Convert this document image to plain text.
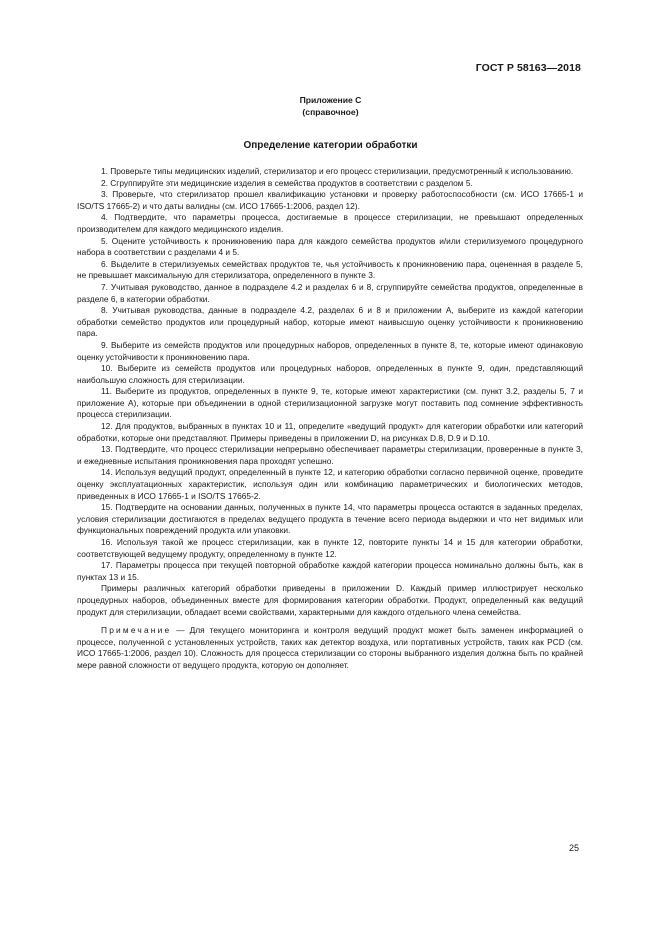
ГОСТ Р 58163—2018
Приложение C
(справочное)
Определение категории обработки

1. Проверьте типы медицинских изделий, стерилизатор и его процесс стерилизации, предусмотренный к использованию.

2. Сгруппируйте эти медицинские изделия в семейства продуктов в соответствии с разделом 5.

3. Проверьте, что стерилизатор прошел квалификацию установки и проверку работоспособности (см. ИСО 17665-1 и ISO/TS 17665-2) и что даты валидны (см. ИСО 17665-1:2006, раздел 12).

4. Подтвердите, что параметры процесса, достигаемые в процессе стерилизации, не превышают определенных производителем для каждого медицинского изделия.

5. Оцените устойчивость к проникновению пара для каждого семейства продуктов и/или стерилизуемого процедурного набора в соответствии с разделами 4 и 5.

6. Выделите в стерилизуемых семействах продуктов те, чья устойчивость к проникновению пара, оцененная в разделе 5, не превышает максимальную для стерилизатора, определенного в пункте 3.

7. Учитывая руководство, данное в подразделе 4.2 и разделах 6 и 8, сгруппируйте семейства продуктов, определенные в разделе 6, в категории обработки.

8. Учитывая руководства, данные в подразделе 4.2, разделах 6 и 8 и приложении А, выберите из каждой категории обработки семейство продуктов или процедурный набор, которые имеют наивысшую оценку устойчивости к проникновению пара.

9. Выберите из семейств продуктов или процедурных наборов, определенных в пункте 8, те, которые имеют одинаковую оценку устойчивости к проникновению пара.

10. Выберите из семейств продуктов или процедурных наборов, определенных в пункте 9, один, представляющий наибольшую сложность для стерилизации.

11. Выберите из продуктов, определенных в пункте 9, те, которые имеют характеристики (см. пункт 3.2, разделы 5, 7 и приложение А), которые при объединении в одной стерилизационной загрузке могут поставить под сомнение эффективность процесса стерилизации.

12. Для продуктов, выбранных в пунктах 10 и 11, определите «ведущий продукт» для категории обработки или категорий обработки, которые они представляют. Примеры приведены в приложении D, на рисунках D.8, D.9 и D.10.

13. Подтвердите, что процесс стерилизации непрерывно обеспечивает параметры стерилизации, проверенные в пункте 3, и ежедневные испытания проникновения пара проходят успешно.

14. Используя ведущий продукт, определенный в пункте 12, и категорию обработки согласно первичной оценке, проведите оценку эксплуатационных характеристик, используя один или комбинацию параметрических и биологических методов, приведенных в ИСО 17665-1 и ISO/TS 17665-2.

15. Подтвердите на основании данных, полученных в пункте 14, что параметры процесса остаются в заданных пределах, условия стерилизации достигаются в пределах ведущего продукта в течение всего периода выдержки и что нет видимых или функциональных повреждений продукта или упаковки.

16. Используя такой же процесс стерилизации, как в пункте 12, повторите пункты 14 и 15 для категории обработки, соответствующей ведущему продукту, определенному в пункте 12.

17. Параметры процесса при текущей повторной обработке каждой категории процесса номинально должны быть, как в пунктах 13 и 15.

Примеры различных категорий обработки приведены в приложении D. Каждый пример иллюстрирует несколько процедурных наборов, объединенных вместе для формирования категории обработки. Продукт, определенный как ведущий продукт для стерилизации, обладает всеми свойствами, характерными для каждого отдельного члена семейства.

Примечание — Для текущего мониторинга и контроля ведущий продукт может быть заменен информацией о процессе, полученной с установленных устройств, таких как детектор воздуха, или портативных устройств, таких как PCD (см. ИСО 17665-1:2006, раздел 10). Сложность для процесса стерилизации со стороны выбранного изделия должна быть по крайней мере равной сложности от ведущего продукта, которую он дополняет.

25
